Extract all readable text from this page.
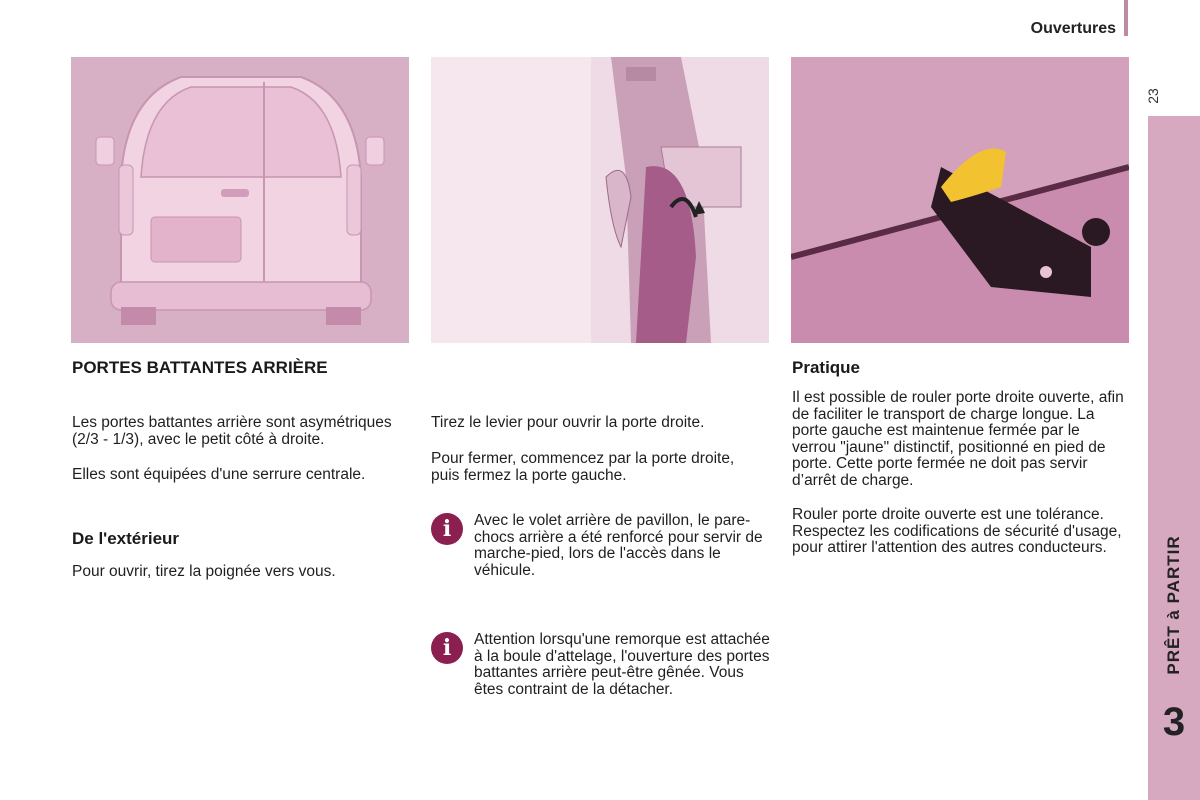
Ouvertures
23
PRÊT à PARTIR
3
PORTES BATTANTES ARRIÈRE
Les portes battantes arrière sont asymétriques (2/3 - 1/3), avec le petit côté à droite.
Elles sont équipées d'une serrure centrale.
De l'extérieur
Pour ouvrir, tirez la poignée vers vous.
Tirez le levier pour ouvrir la porte droite.
Pour fermer, commencez par la porte droite, puis fermez la porte gauche.
i	Avec le volet arrière de pavillon, le pare-chocs arrière a été renforcé pour servir de marche-pied, lors de l'accès dans le véhicule.
i	Attention lorsqu'une remorque est attachée à la boule d'attelage, l'ouverture des portes battantes arrière peut-être gênée. Vous êtes contraint de la détacher.
Pratique
Il est possible de rouler porte droite ouverte, afin de faciliter le transport de charge longue. La porte gauche est maintenue fermée par le verrou "jaune" distinctif, positionné en pied de porte. Cette porte fermée ne doit pas servir d’arrêt de charge.
Rouler porte droite ouverte est une tolérance. Respectez les codifications de sécurité d'usage, pour attirer l'attention des autres conducteurs.
